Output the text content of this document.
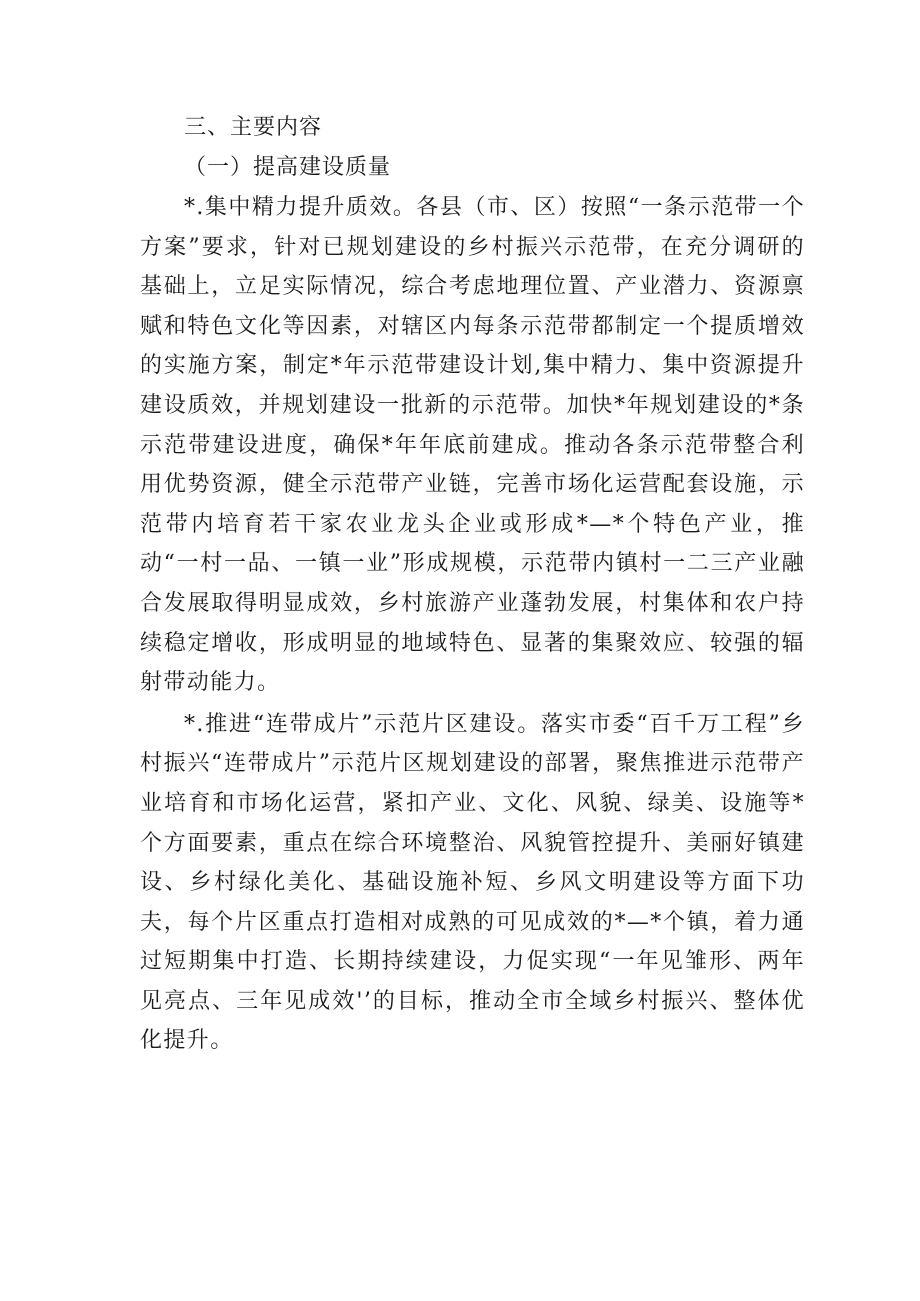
三、主要内容

（一）提高建设质量

*.集中精力提升质效。各县（市、区）按照“一条示范带一个方案”要求，针对已规划建设的乡村振兴示范带，在充分调研的基础上，立足实际情况，综合考虑地理位置、产业潜力、资源禀赋和特色文化等因素，对辖区内每条示范带都制定一个提质增效的实施方案，制定*年示范带建设计划,集中精力、集中资源提升建设质效，并规划建设一批新的示范带。加快*年规划建设的*条示范带建设进度，确保*年年底前建成。推动各条示范带整合利用优势资源，健全示范带产业链，完善市场化运营配套设施，示范带内培育若干家农业龙头企业或形成*—*个特色产业，推动“一村一品、一镇一业”形成规模，示范带内镇村一二三产业融合发展取得明显成效，乡村旅游产业蓬勃发展，村集体和农户持续稳定增收，形成明显的地域特色、显著的集聚效应、较强的辐射带动能力。

*.推进“连带成片”示范片区建设。落实市委“百千万工程”乡村振兴“连带成片”示范片区规划建设的部署，聚焦推进示范带产业培育和市场化运营，紧扣产业、文化、风貌、绿美、设施等*个方面要素，重点在综合环境整治、风貌管控提升、美丽好镇建设、乡村绿化美化、基础设施补短、乡风文明建设等方面下功夫，每个片区重点打造相对成熟的可见成效的*—*个镇，着力通过短期集中打造、长期持续建设，力促实现“一年见雏形、两年见亮点、三年见成效'’的目标，推动全市全域乡村振兴、整体优化提升。
